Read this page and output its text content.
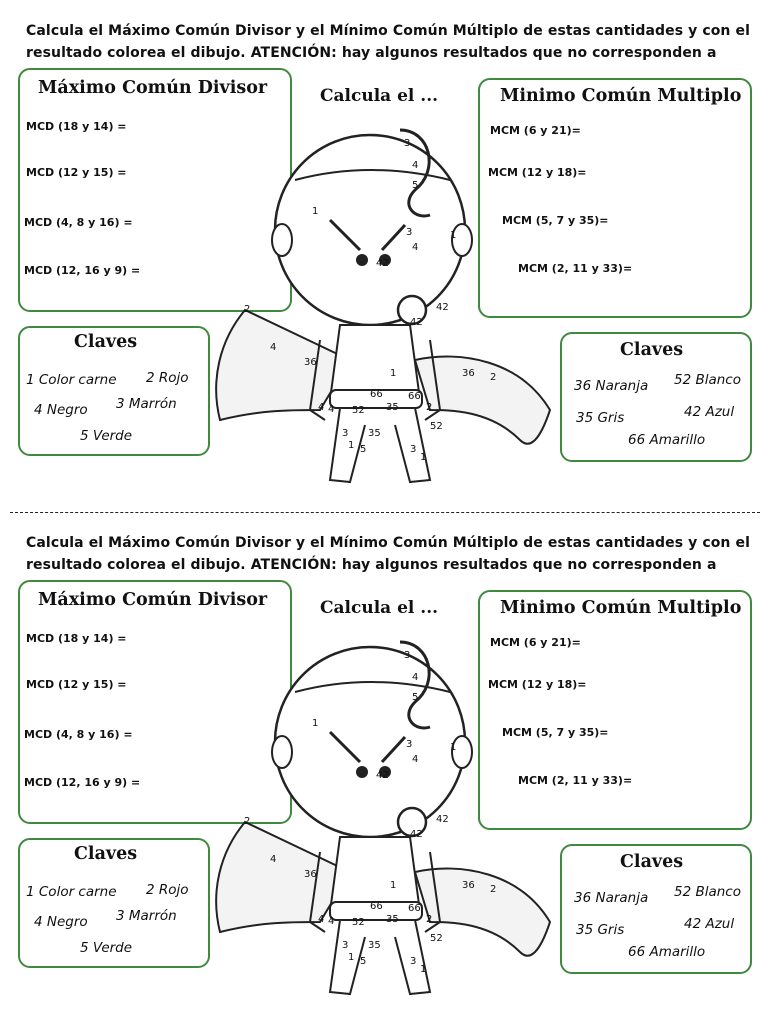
Calcula el Máximo Común Divisor y el Mínimo Común Múltiplo de estas cantidades y con el resultado colorea el dibujo. ATENCIÓN: hay algunos resultados que no corresponden a
Máximo Común Divisor
MCD (18 y 14) =
MCD (12 y 15) =
MCD (4, 8 y 16) =
MCD (12, 16 y 9) =
Calcula el ...	Minimo Común Multiplo
MCM (6 y 21)=
MCM (12 y 18)=
MCM (5, 7 y 35)=
MCM (2, 11 y 33)=
Claves
1 Color carne 2 Rojo
4 Negro 3 Marrón
5 Verde
Claves
36 Naranja 52 Blanco
35 Gris	42 Azul
66 Amarillo
3
4
5
1
42
3
4
2
1
42
42
2
4
36
36
1
4
66	66
52 35
3
1
52
4
35
5
2
3
1
Calcula el Máximo Común Divisor y el Mínimo Común Múltiplo de estas cantidades y con el resultado colorea el dibujo. ATENCIÓN: hay algunos resultados que no corresponden a
Máximo Común Divisor
MCD (18 y 14) =
MCD (12 y 15) =
MCD (4, 8 y 16) =
MCD (12, 16 y 9) =
Calcula el ...	Minimo Común Multiplo
MCM (6 y 21)=
MCM (12 y 18)=
MCM (5, 7 y 35)=
MCM (2, 11 y 33)=
Claves
1 Color carne 2 Rojo
4 Negro 3 Marrón
5 Verde
Claves
36 Naranja 52 Blanco
35 Gris	42 Azul
66 Amarillo
3
4
5
1
42
3
4
2
1
42
42
2
4
36
36
1
4
66	66
52 35
3
1
52
4
35
5
2
3
1
